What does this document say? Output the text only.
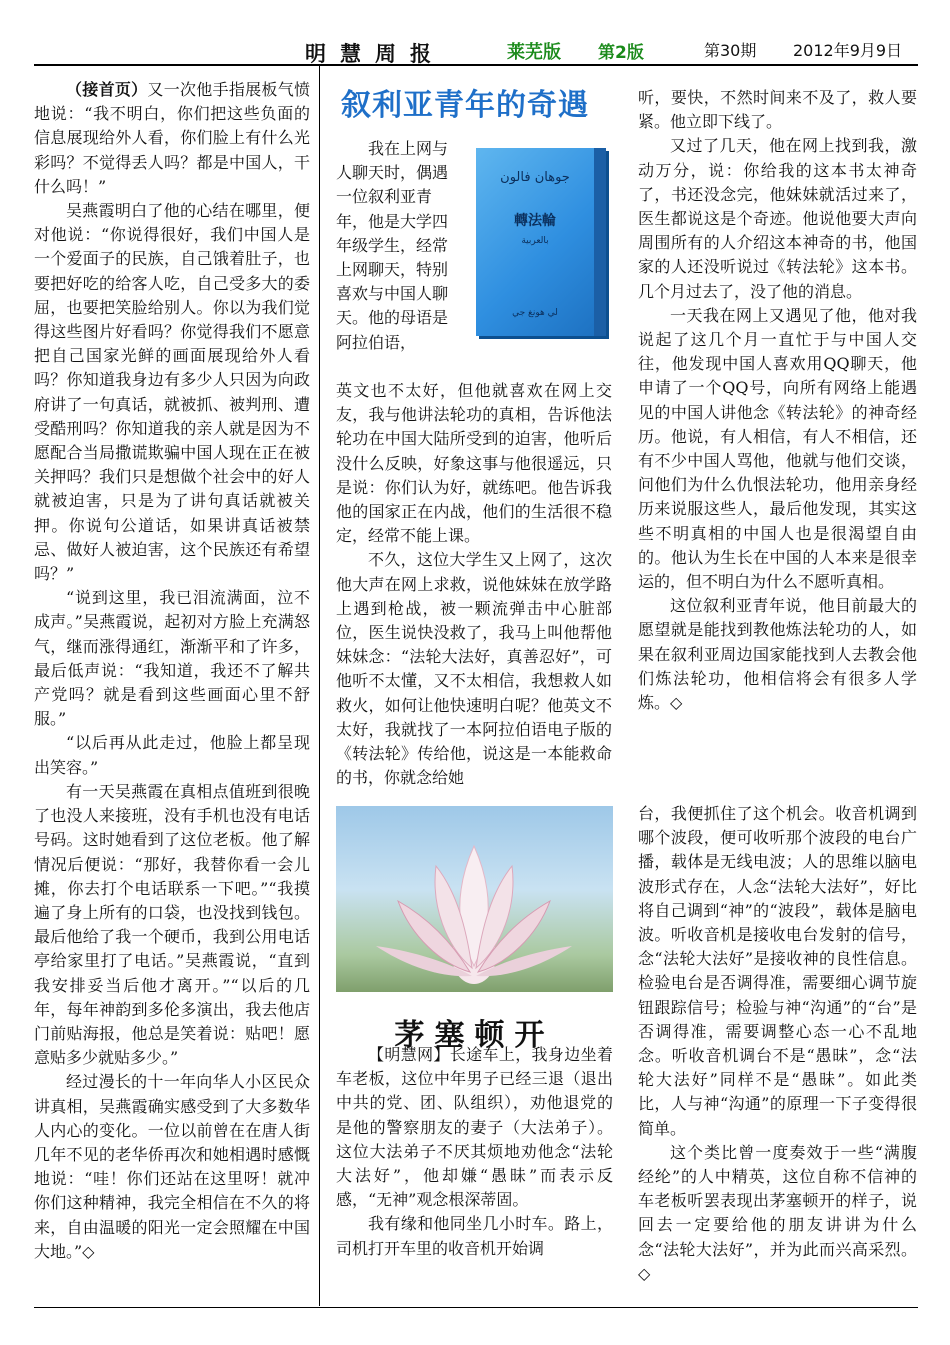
明慧周报	莱芜版 第2版	第30期 2012年9月9日

（接首页）又一次他手指展板气愤地说：“我不明白，你们把这些负面的信息展现给外人看，你们脸上有什么光彩吗？不觉得丢人吗？都是中国人，干什么吗！”

吴燕霞明白了他的心结在哪里，便对他说：“你说得很好，我们中国人是一个爱面子的民族，自己饿着肚子，也要把好吃的给客人吃，自己受多大的委屈，也要把笑脸给别人。你以为我们觉得这些图片好看吗？你觉得我们不愿意把自己国家光鲜的画面展现给外人看吗？你知道我身边有多少人只因为向政府讲了一句真话，就被抓、被判刑、遭受酷刑吗？你知道我的亲人就是因为不愿配合当局撒谎欺骗中国人现在正在被关押吗？我们只是想做个社会中的好人就被迫害，只是为了讲句真话就被关押。你说句公道话，如果讲真话被禁忌、做好人被迫害，这个民族还有希望吗？”

“说到这里，我已泪流满面，泣不成声。”吴燕霞说，起初对方脸上充满怒气，继而涨得通红，渐渐平和了许多，最后低声说：“我知道，我还不了解共产党吗？就是看到这些画面心里不舒服。”

“以后再从此走过，他脸上都呈现出笑容。”

有一天吴燕霞在真相点值班到很晚了也没人来接班，没有手机也没有电话号码。这时她看到了这位老板。他了解情况后便说：“那好，我替你看一会儿摊，你去打个电话联系一下吧。”“我摸遍了身上所有的口袋，也没找到钱包。最后他给了我一个硬币，我到公用电话亭给家里打了电话。”吴燕霞说，“直到我安排妥当后他才离开。”“以后的几年，每年神韵到多伦多演出，我去他店门前贴海报，他总是笑着说：贴吧！愿意贴多少就贴多少。”

经过漫长的十一年向华人小区民众讲真相，吴燕霞确实感受到了大多数华人内心的变化。一位以前曾在在唐人街几年不见的老华侨再次和她相遇时感慨地说：“哇！你们还站在这里呀！就冲你们这种精神，我完全相信在不久的将来，自由温暖的阳光一定会照耀在中国大地。”◇

叙利亚青年的奇遇

我在上网与人聊天时，偶遇一位叙利亚青年，他是大学四年级学生，经常上网聊天，特别喜欢与中国人聊天。他的母语是阿拉伯语，

جوهان فالون
轉法輪
بالعربية
لي هونغ جي

英文也不太好，但他就喜欢在网上交友，我与他讲法轮功的真相，告诉他法轮功在中国大陆所受到的迫害，他听后没什么反映，好象这事与他很遥远，只是说：你们认为好，就练吧。他告诉我他的国家正在内战，他们的生活很不稳定，经常不能上课。

不久，这位大学生又上网了，这次他大声在网上求救，说他妹妹在放学路上遇到枪战，被一颗流弹击中心脏部位，医生说快没救了，我马上叫他帮他妹妹念：“法轮大法好，真善忍好”，可他听不太懂，又不太相信，我想救人如救火，如何让他快速明白呢？他英文不太好，我就找了一本阿拉伯语电子版的《转法轮》传给他，说这是一本能救命的书，你就念给她

听，要快，不然时间来不及了，救人要紧。他立即下线了。

又过了几天，他在网上找到我，激动万分，说：你给我的这本书太神奇了，书还没念完，他妹妹就活过来了，医生都说这是个奇迹。他说他要大声向周围所有的人介绍这本神奇的书，他国家的人还没听说过《转法轮》这本书。几个月过去了，没了他的消息。

一天我在网上又遇见了他，他对我说起了这几个月一直忙于与中国人交往，他发现中国人喜欢用QQ聊天，他申请了一个QQ号，向所有网络上能遇见的中国人讲他念《转法轮》的神奇经历。他说，有人相信，有人不相信，还有不少中国人骂他，他就与他们交谈，问他们为什么仇恨法轮功，他用亲身经历来说服这些人，最后他发现，其实这些不明真相的中国人也是很渴望自由的。他认为生长在中国的人本来是很幸运的，但不明白为什么不愿听真相。

这位叙利亚青年说，他目前最大的愿望就是能找到教他炼法轮功的人，如果在叙利亚周边国家能找到人去教会他们炼法轮功，他相信将会有很多人学炼。◇

茅塞顿开

【明慧网】长途车上，我身边坐着车老板，这位中年男子已经三退（退出中共的党、团、队组织），劝他退党的是他的警察朋友的妻子（大法弟子）。这位大法弟子不厌其烦地劝他念“法轮大法好”，他却嫌“愚昧”而表示反感，“无神”观念根深蒂固。

我有缘和他同坐几小时车。路上，司机打开车里的收音机开始调

台，我便抓住了这个机会。收音机调到哪个波段，便可收听那个波段的电台广播，载体是无线电波；人的思维以脑电波形式存在，人念“法轮大法好”，好比将自己调到“神”的“波段”，载体是脑电波。听收音机是接收电台发射的信号，念“法轮大法好”是接收神的良性信息。检验电台是否调得准，需要细心调节旋钮跟踪信号；检验与神“沟通”的“台”是否调得准，需要调整心态一心不乱地念。听收音机调台不是“愚昧”，念“法轮大法好”同样不是“愚昧”。如此类比，人与神“沟通”的原理一下子变得很简单。

这个类比曾一度奏效于一些“满腹经纶”的人中精英，这位自称不信神的车老板听罢表现出茅塞顿开的样子，说回去一定要给他的朋友讲讲为什么念“法轮大法好”，并为此而兴高采烈。◇
